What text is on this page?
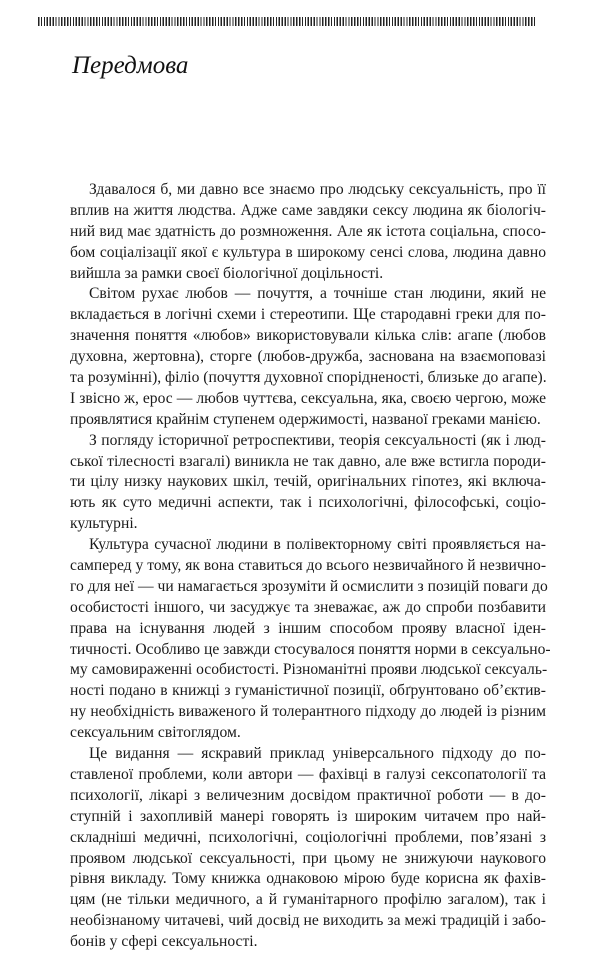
Передмова
Здавалося б, ми давно все знаємо про людську сексуальність, про її
вплив на життя людства. Адже саме завдяки сексу людина як біологіч-
ний вид має здатність до розмноження. Але як істота соціальна, спосо-
бом соціалізації якої є культура в широкому сенсі слова, людина давно
вийшла за рамки своєї біологічної доцільності.
Світом рухає любов — почуття, а точніше стан людини, який не
вкладається в логічні схеми і стереотипи. Ще стародавні греки для по-
значення поняття «любов» використовували кілька слів: агапе (любов
духовна, жертовна), сторге (любов-дружба, заснована на взаємоповазі
та розумінні), філіо (почуття духовної спорідненості, близьке до агапе).
І звісно ж, ерос — любов чуттєва, сексуальна, яка, своєю чергою, може
проявлятися крайнім ступенем одержимості, названої греками манією.
З погляду історичної ретроспективи, теорія сексуальності (як і люд-
ської тілесності взагалі) виникла не так давно, але вже встигла породи-
ти цілу низку наукових шкіл, течій, оригінальних гіпотез, які включа-
ють як суто медичні аспекти, так і психологічні, філософські, соціо-
культурні.
Культура сучасної людини в полівекторному світі проявляється на-
самперед у тому, як вона ставиться до всього незвичайного й незвично-
го для неї — чи намагається зрозуміти й осмислити з позицій поваги до
особистості іншого, чи засуджує та зневажає, аж до спроби позбавити
права на існування людей з іншим способом прояву власної іден-
тичності. Особливо це завжди стосувалося поняття норми в сексуально-
му самовираженні особистості. Різноманітні прояви людської сексуаль-
ності подано в книжці з гуманістичної позиції, обґрунтовано об’єктив-
ну необхідність виваженого й толерантного підходу до людей із різним
сексуальним світоглядом.
Це видання — яскравий приклад універсального підходу до по-
ставленої проблеми, коли автори — фахівці в галузі сексопатології та
психології, лікарі з величезним досвідом практичної роботи — в до-
ступній і захопливій манері говорять із широким читачем про най-
складніші медичні, психологічні, соціологічні проблеми, пов’язані з
проявом людської сексуальності, при цьому не знижуючи наукового
рівня викладу. Тому книжка однаковою мірою буде корисна як фахів-
цям (не тільки медичного, а й гуманітарного профілю загалом), так і
необізнаному читачеві, чий досвід не виходить за межі традицій і забо-
бонів у сфері сексуальності.
